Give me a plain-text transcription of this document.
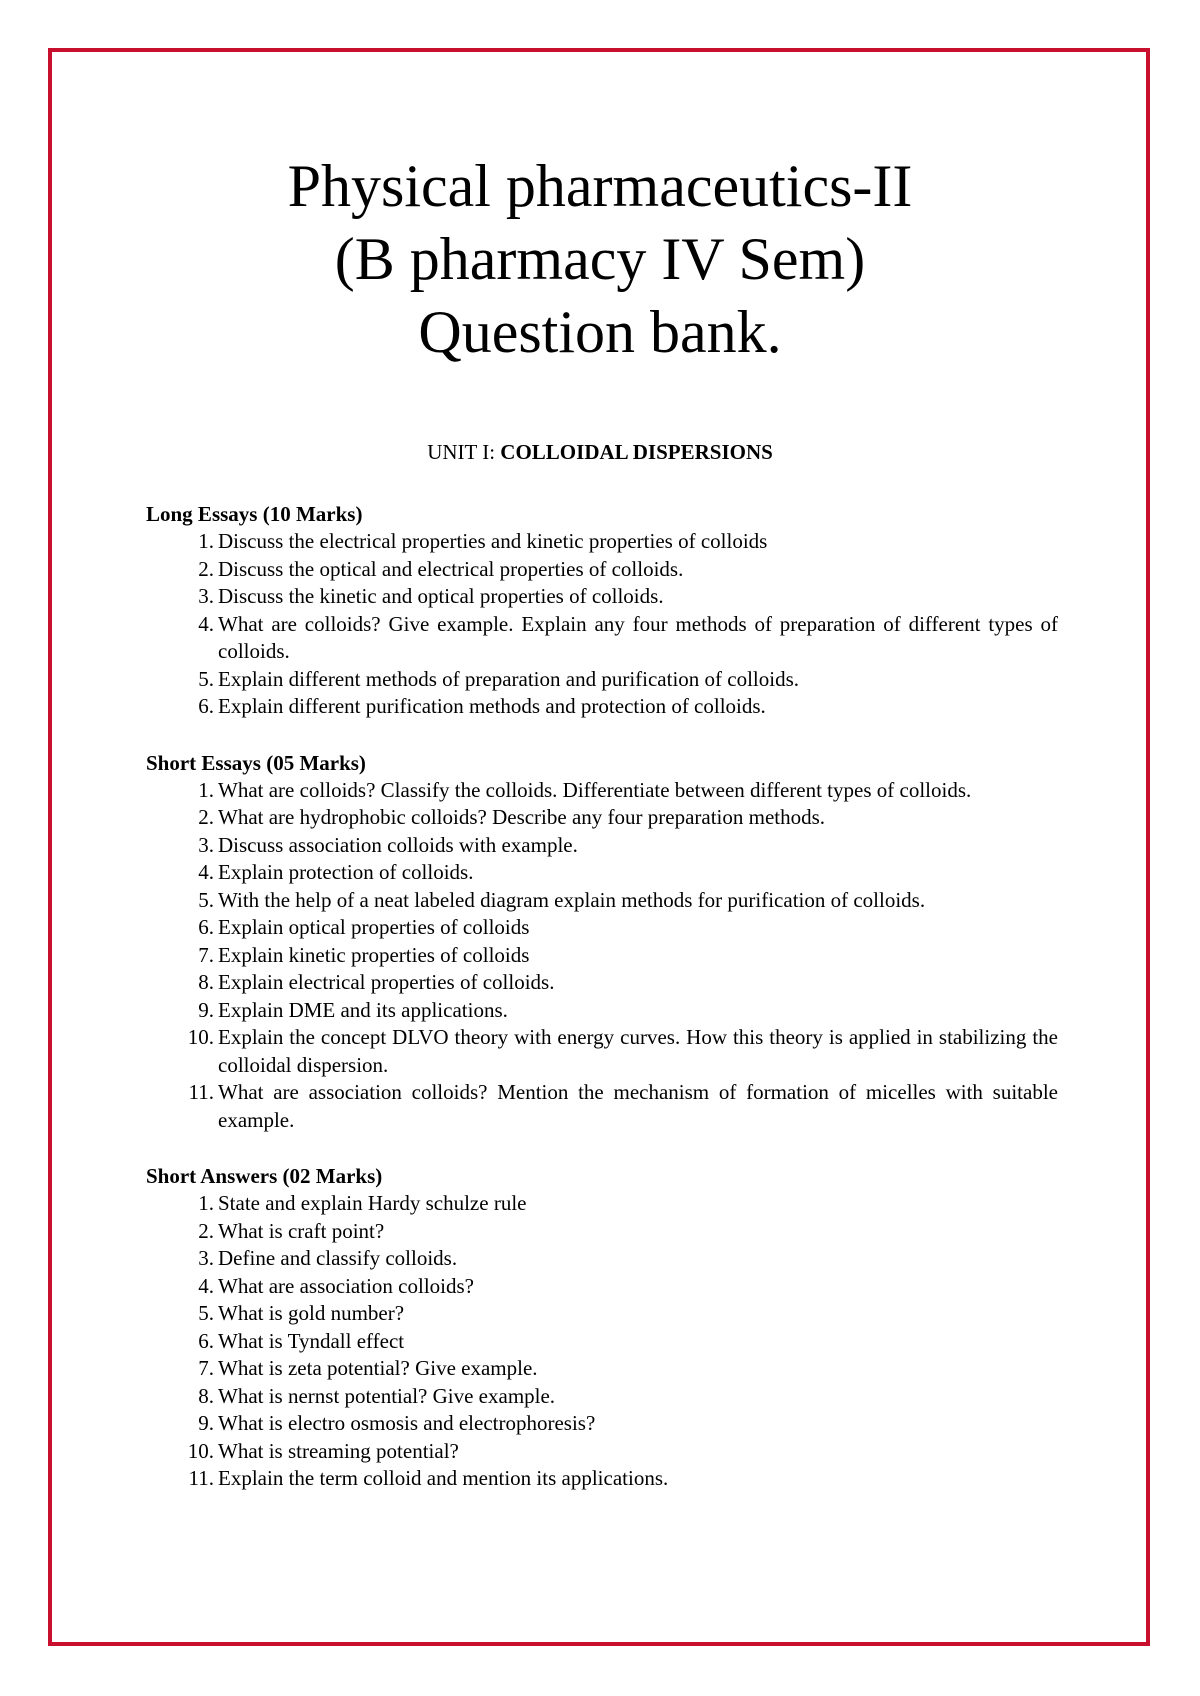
Physical pharmaceutics-II

(B pharmacy IV Sem)

Question bank.

UNIT I: COLLOIDAL DISPERSIONS

Long Essays (10 Marks)

1. Discuss the electrical properties and kinetic properties of colloids
2. Discuss the optical and electrical properties of colloids.
3. Discuss the kinetic and optical properties of colloids.
4. What are colloids? Give example. Explain any four methods of preparation of different types of colloids.
5. Explain different methods of preparation and purification of colloids.
6. Explain different purification methods and protection of colloids.

Short Essays (05 Marks)

1. What are colloids? Classify the colloids. Differentiate between different types of colloids.
2. What are hydrophobic colloids? Describe any four preparation methods.
3. Discuss association colloids with example.
4. Explain protection of colloids.
5. With the help of a neat labeled diagram explain methods for purification of colloids.
6. Explain optical properties of colloids
7. Explain kinetic properties of colloids
8. Explain electrical properties of colloids.
9. Explain DME and its applications.
10. Explain the concept DLVO theory with energy curves. How this theory is applied in stabilizing the colloidal dispersion.
11. What are association colloids? Mention the mechanism of formation of micelles with suitable example.

Short Answers (02 Marks)

1. State and explain Hardy schulze rule
2. What is craft point?
3. Define and classify colloids.
4. What are association colloids?
5. What is gold number?
6. What is Tyndall effect
7. What is zeta potential? Give example.
8. What is nernst potential? Give example.
9. What is electro osmosis and electrophoresis?
10. What is streaming potential?
11. Explain the term colloid and mention its applications.
